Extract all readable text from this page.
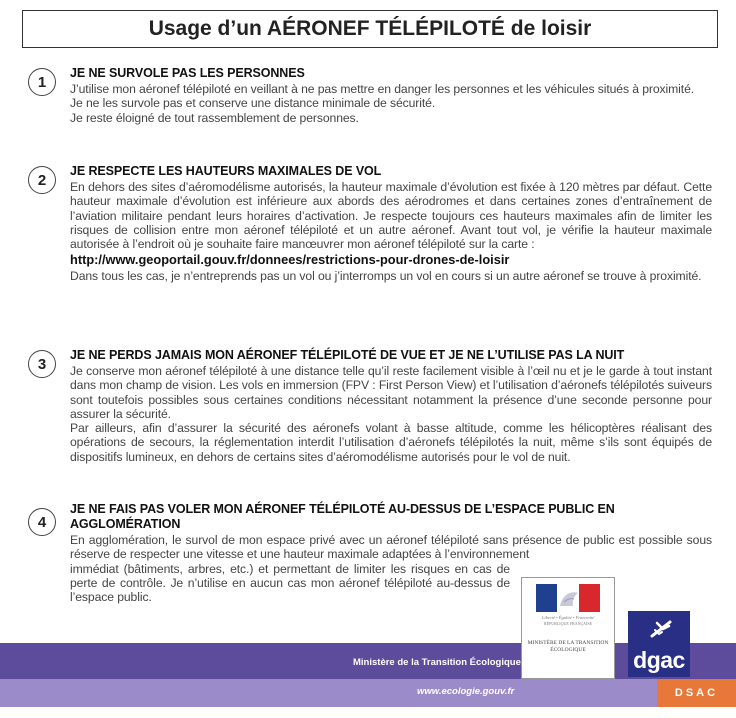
Usage d’un AÉRONEF TÉLÉPILOTÉ de loisir
1

JE NE SURVOLE PAS LES PERSONNES

J’utilise mon aéronef télépiloté en veillant à ne pas mettre en danger les personnes et les véhicules situés à proximité.

Je ne les survole pas et conserve une distance minimale de sécurité.

Je reste éloigné de tout rassemblement de personnes.

2

JE RESPECTE LES HAUTEURS MAXIMALES DE VOL

En dehors des sites d’aéromodélisme autorisés, la hauteur maximale d’évolution est fixée à 120 mètres par défaut. Cette hauteur maximale d’évolution est inférieure aux abords des aérodromes et dans certaines zones d’entraînement de l’aviation militaire pendant leurs horaires d’activation. Je respecte toujours ces hauteurs maximales afin de limiter les risques de collision entre mon aéronef télépiloté et un autre aéronef. Avant tout vol, je vérifie la hauteur maximale autorisée à l’endroit où je souhaite faire manœuvrer mon aéronef télépiloté sur la carte :

http://www.geoportail.gouv.fr/donnees/restrictions-pour-drones-de-loisir

Dans tous les cas, je n’entreprends pas un vol ou j’interromps un vol en cours si un autre aéronef se trouve à proximité.

3

JE NE PERDS JAMAIS MON AÉRONEF TÉLÉPILOTÉ DE VUE ET JE NE L’UTILISE PAS LA NUIT

Je conserve mon aéronef télépiloté à une distance telle qu’il reste facilement visible à l’œil nu et je le garde à tout instant dans mon champ de vision. Les vols en immersion (FPV : First Person View) et l’utilisation d’aéronefs télépilotés suiveurs sont toutefois possibles sous certaines conditions nécessitant notamment la présence d’une seconde personne pour assurer la sécurité.

Par ailleurs, afin d’assurer la sécurité des aéronefs volant à basse altitude, comme les hélicoptères réalisant des opérations de secours, la réglementation interdit l’utilisation d’aéronefs télépilotés la nuit, même s’ils sont équipés de dispositifs lumineux, en dehors de certains sites d’aéromodélisme autorisés pour le vol de nuit.

4

JE NE FAIS PAS VOLER MON AÉRONEF TÉLÉPILOTÉ AU-DESSUS DE L’ESPACE PUBLIC EN AGGLOMÉRATION

En agglomération, le survol de mon espace privé avec un aéronef télépiloté sans présence de public est possible sous réserve de respecter une vitesse et une hauteur maximale adaptées à l’environnement

immédiat (bâtiments, arbres, etc.) et permettant de limiter les risques en cas de perte de contrôle. Je n’utilise en aucun cas mon aéronef télépiloté au-dessus de l’espace public.

Ministère de la Transition Écologique
www.ecologie.gouv.fr
Liberté • Égalité • Fraternité
RÉPUBLIQUE FRANÇAISE
MINISTÈRE DE LA TRANSITION ÉCOLOGIQUE	dgac
DSAC
